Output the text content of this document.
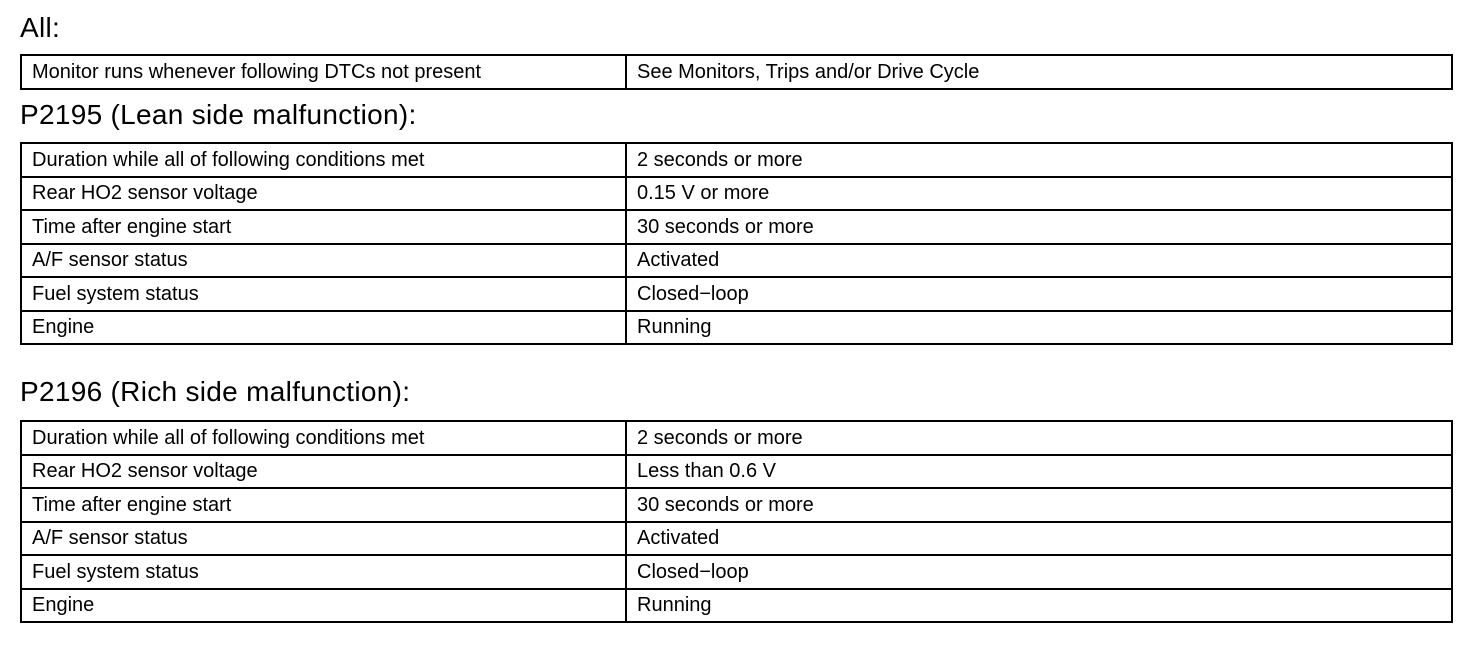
All:
Monitor runs whenever following DTCs not present	See Monitors, Trips and/or Drive Cycle
P2195 (Lean side malfunction):
Duration while all of following conditions met	2 seconds or more
Rear HO2 sensor voltage	0.15 V or more
Time after engine start	30 seconds or more
A/F sensor status	Activated
Fuel system status	Closed−loop
Engine	Running
P2196 (Rich side malfunction):
Duration while all of following conditions met	2 seconds or more
Rear HO2 sensor voltage	Less than 0.6 V
Time after engine start	30 seconds or more
A/F sensor status	Activated
Fuel system status	Closed−loop
Engine	Running
